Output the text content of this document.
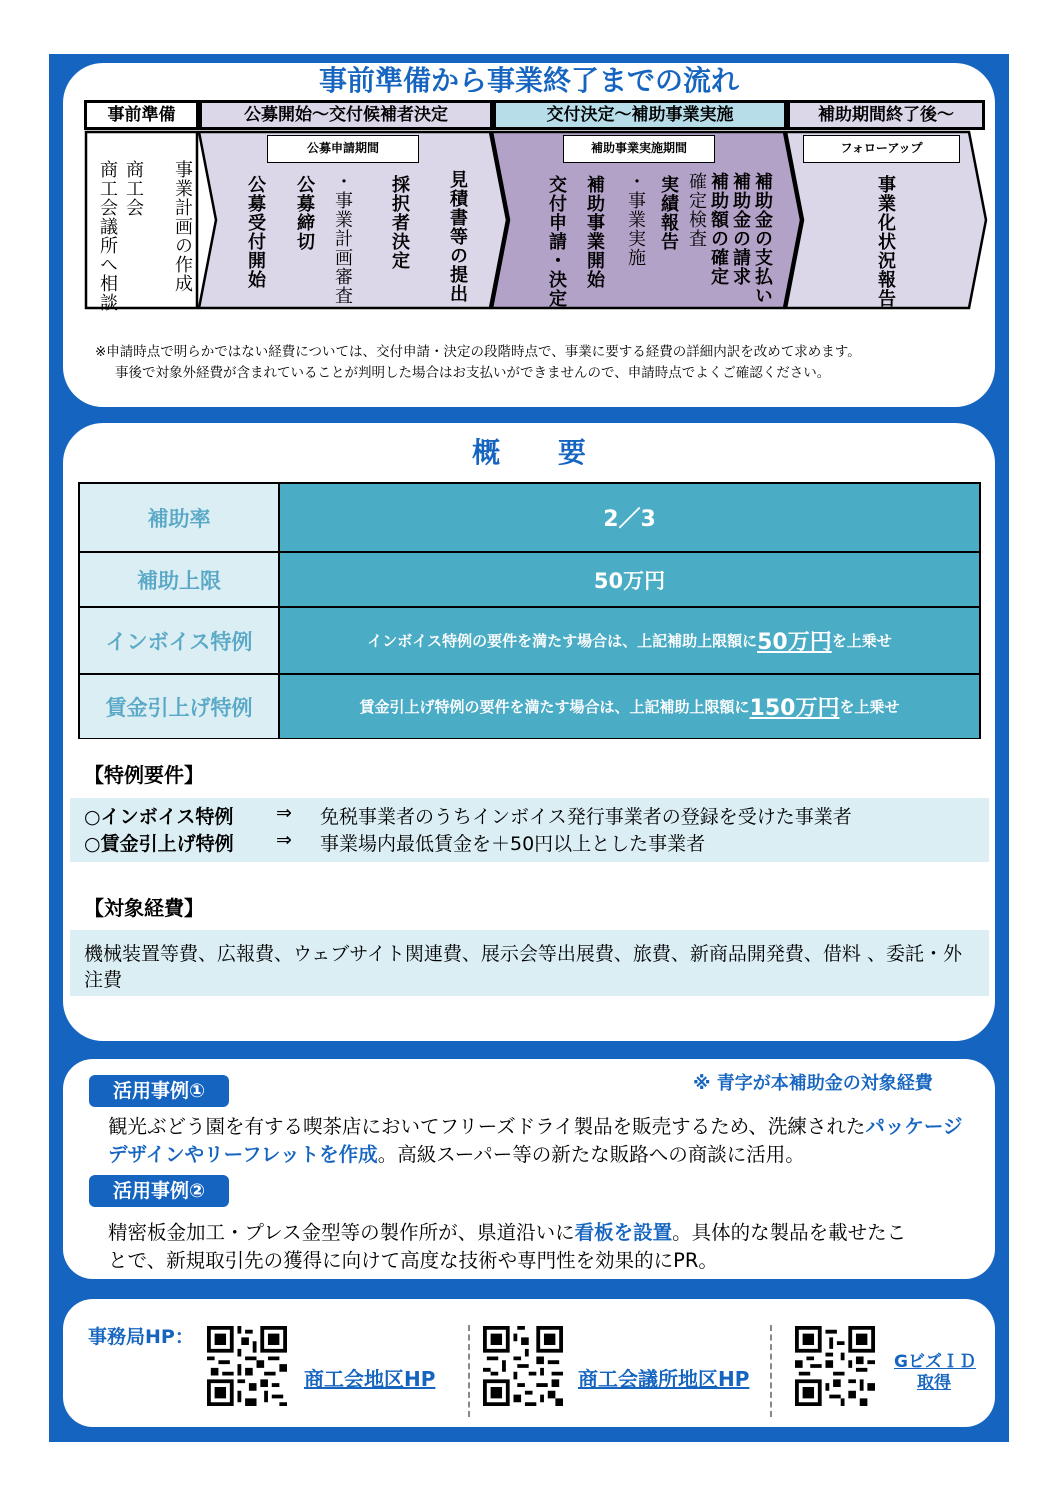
事前準備から事業終了までの流れ
事前準備	公募開始～交付候補者決定	交付決定～補助事業実施	補助期間終了後～
公募申請期間	補助事業実施期間	フォローアップ
事業計画の作成
商工会
商工会議所へ相談	見積書等の提出
採択者決定
・事業計画審査
公募締切
公募受付開始	補助金の支払い
補助金の請求
補助額の確定
確定検査
実績報告
・事業実施
補助事業開始
交付申請・決定	事業化状況報告
※申請時点で明らかではない経費については、交付申請・決定の段階時点で、事業に要する経費の詳細内訳を改めて求めます。
事後で対象外経費が含まれていることが判明した場合はお支払いができませんので、申請時点でよくご確認ください。
概 要
補助率	2／3
補助上限	50万円
インボイス特例	インボイス特例の要件を満たす場合は、上記補助上限額に 50万円 を上乗せ
賃金引上げ特例	賃金引上げ特例の要件を満たす場合は、上記補助上限額に 150万円 を上乗せ
【特例要件】
○インボイス特例 ⇒ 免税事業者のうちインボイス発行事業者の登録を受けた事業者
○賃金引上げ特例 ⇒ 事業場内最低賃金を＋50円以上とした事業者
【対象経費】
機械装置等費、広報費、ウェブサイト関連費、展示会等出展費、旅費、新商品開発費、借料 、委託・外
注費
※ 青字が本補助金の対象経費
活用事例①
観光ぶどう園を有する喫茶店においてフリーズドライ製品を販売するため、洗練されたパッケージ
デザインやリーフレットを作成。高級スーパー等の新たな販路への商談に活用。
活用事例②
精密板金加工・プレス金型等の製作所が、県道沿いに看板を設置。具体的な製品を載せたこ
とで、新規取引先の獲得に向けて高度な技術や専門性を効果的にPR。
事務局HP：
商工会地区HP	商工会議所地区HP
GビズＩＤ
取得
